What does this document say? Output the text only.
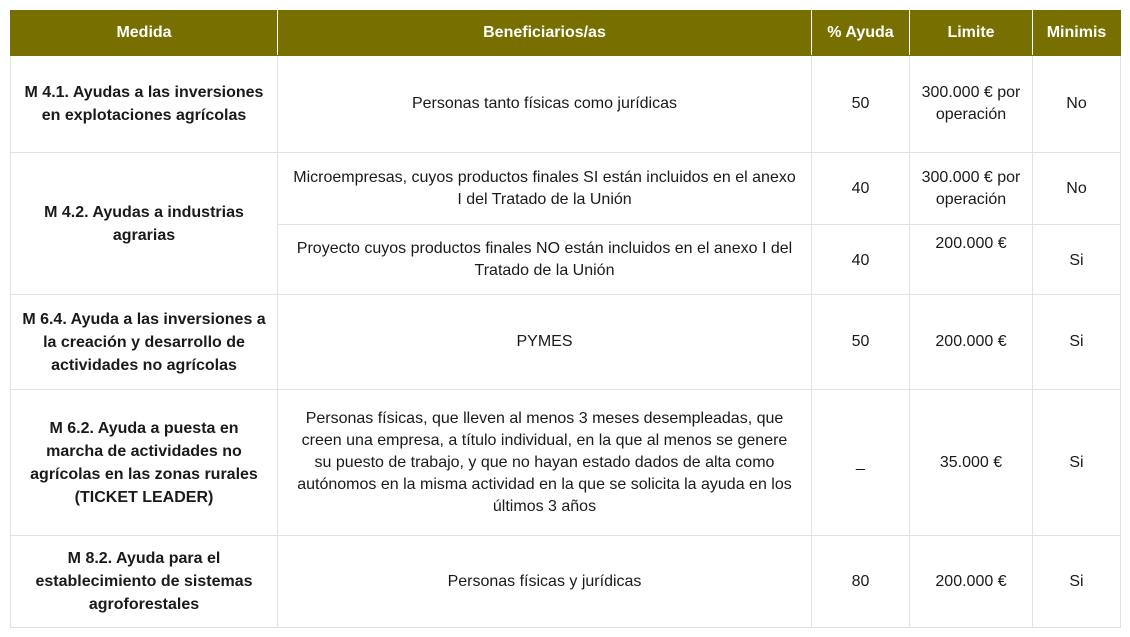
Medida	Beneficiarios/as	% Ayuda	Limite	Minimis
M 4.1. Ayudas a las inversiones en explotaciones agrícolas	Personas tanto físicas como jurídicas	50	300.000 € por operación	No
M 4.2. Ayudas a industrias agrarias	Microempresas, cuyos productos finales SI están incluidos en el anexo I del Tratado de la Unión	40	300.000 € por operación	No
	Proyecto cuyos productos finales NO están incluidos en el anexo I del Tratado de la Unión	40	200.000 €	Si
M 6.4. Ayuda a las inversiones a la creación y desarrollo de actividades no agrícolas	PYMES	50	200.000 €	Si
M 6.2. Ayuda a puesta en marcha de actividades no agrícolas en las zonas rurales (TICKET LEADER)	Personas físicas, que lleven al menos 3 meses desempleadas, que creen una empresa, a título individual, en la que al menos se genere su puesto de trabajo, y que no hayan estado dados de alta como autónomos en la misma actividad en la que se solicita la ayuda en los últimos 3 años	_	35.000 €	Si
M 8.2. Ayuda para el establecimiento de sistemas agroforestales	Personas físicas y jurídicas	80	200.000 €	Si
